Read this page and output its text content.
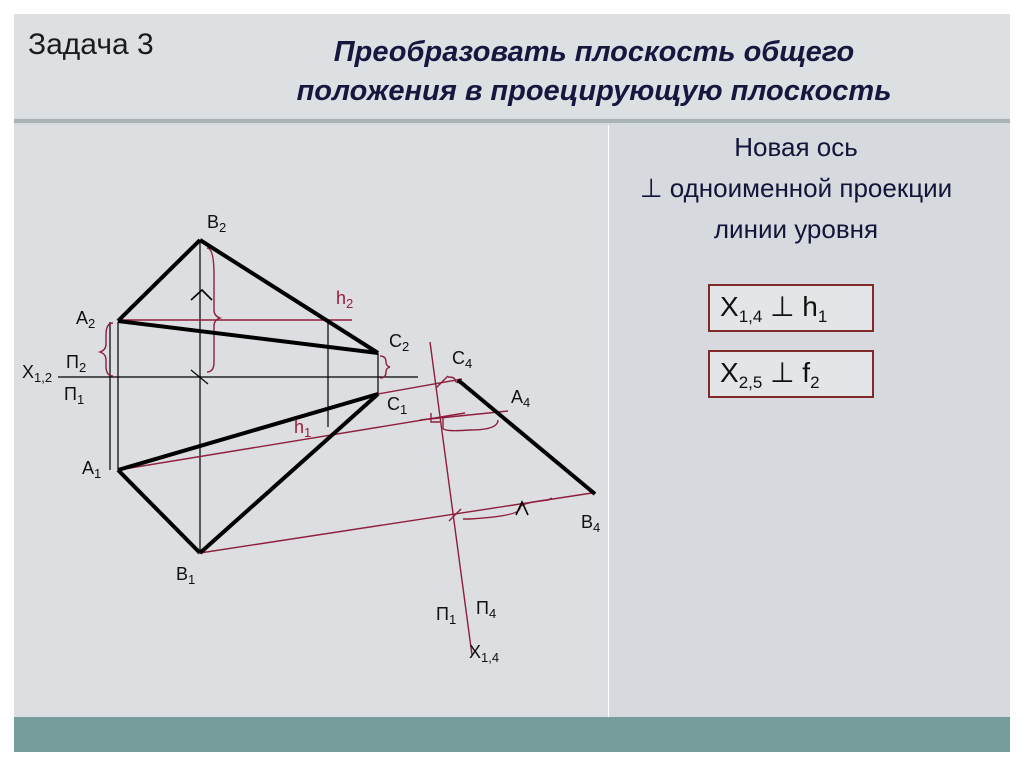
Задача 3	Преобразовать плоскость общего
положения в проецирующую плоскость
Новая ось
⊥ одноименной проекции
линии уровня
$X_{1,4}$ ⊥ $h_1$
$X_{2,5}$ ⊥ $f_2$
$B_2$
$A_2$
$C_2$
$h_2$
$X_{1,2}$
$П_2$
$П_1$	$C_1$
$h_1$
$A_1$
$B_1$
$C_4$
$A_4$
$B_4$
$П_1$
$П_4$
$X_{1,4}$
